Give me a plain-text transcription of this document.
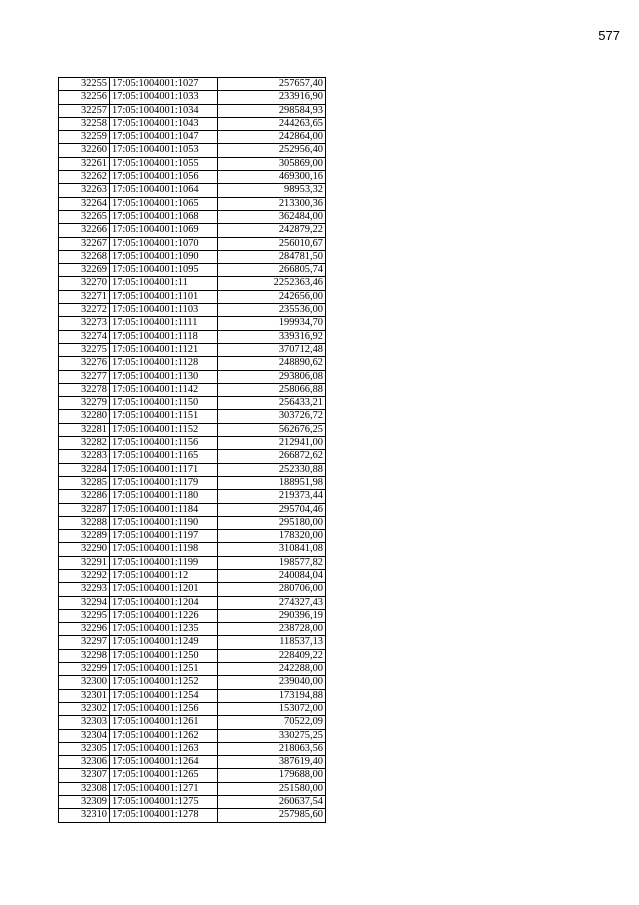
577
32255	17:05:1004001:1027	257657,40
32256	17:05:1004001:1033	233916,90
32257	17:05:1004001:1034	298584,93
32258	17:05:1004001:1043	244263,65
32259	17:05:1004001:1047	242864,00
32260	17:05:1004001:1053	252956,40
32261	17:05:1004001:1055	305869,00
32262	17:05:1004001:1056	469300,16
32263	17:05:1004001:1064	98953,32
32264	17:05:1004001:1065	213300,36
32265	17:05:1004001:1068	362484,00
32266	17:05:1004001:1069	242879,22
32267	17:05:1004001:1070	256010,67
32268	17:05:1004001:1090	284781,50
32269	17:05:1004001:1095	266805,74
32270	17:05:1004001:11	2252363,46
32271	17:05:1004001:1101	242656,00
32272	17:05:1004001:1103	235536,00
32273	17:05:1004001:1111	199934,70
32274	17:05:1004001:1118	339316,92
32275	17:05:1004001:1121	370712,48
32276	17:05:1004001:1128	248890,62
32277	17:05:1004001:1130	293806,08
32278	17:05:1004001:1142	258066,88
32279	17:05:1004001:1150	256433,21
32280	17:05:1004001:1151	303726,72
32281	17:05:1004001:1152	562676,25
32282	17:05:1004001:1156	212941,00
32283	17:05:1004001:1165	266872,62
32284	17:05:1004001:1171	252330,88
32285	17:05:1004001:1179	188951,98
32286	17:05:1004001:1180	219373,44
32287	17:05:1004001:1184	295704,46
32288	17:05:1004001:1190	295180,00
32289	17:05:1004001:1197	178320,00
32290	17:05:1004001:1198	310841,08
32291	17:05:1004001:1199	198577,82
32292	17:05:1004001:12	240084,04
32293	17:05:1004001:1201	280706,00
32294	17:05:1004001:1204	274327,43
32295	17:05:1004001:1226	290396,19
32296	17:05:1004001:1235	238728,00
32297	17:05:1004001:1249	118537,13
32298	17:05:1004001:1250	228409,22
32299	17:05:1004001:1251	242288,00
32300	17:05:1004001:1252	239040,00
32301	17:05:1004001:1254	173194,88
32302	17:05:1004001:1256	153072,00
32303	17:05:1004001:1261	70522,09
32304	17:05:1004001:1262	330275,25
32305	17:05:1004001:1263	218063,56
32306	17:05:1004001:1264	387619,40
32307	17:05:1004001:1265	179688,00
32308	17:05:1004001:1271	251580,00
32309	17:05:1004001:1275	260637,54
32310	17:05:1004001:1278	257985,60
